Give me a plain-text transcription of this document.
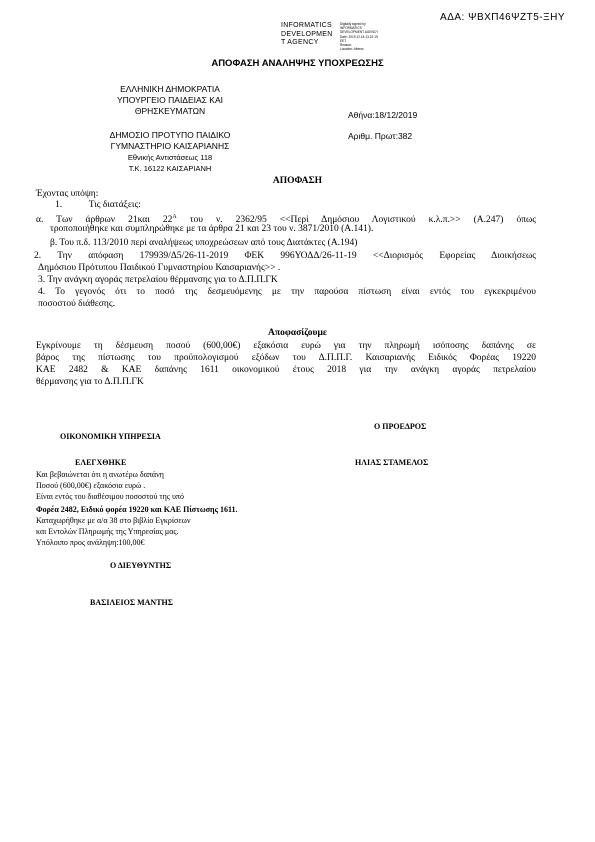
ΑΔΑ: ΨΒΧΠ46ΨΖΤ5-ΞΗΥ
INFORMATICS
DEVELOPMEN
T AGENCY
Digitally signed by
INFORMATICS DEVELOPMENT AGENCY
Date: 2019.12.18 13:22:19
EET
Reason:
Location: Athens
ΑΠΟΦΑΣΗ ΑΝΑΛΗΨΗΣ ΥΠΟΧΡΕΩΣΗΣ
ΕΛΛΗΝΙΚΗ ΔΗΜΟΚΡΑΤΙΑ
ΥΠΟΥΡΓΕΙΟ ΠΑΙΔΕΙΑΣ ΚΑΙ
ΘΡΗΣΚΕΥΜΑΤΩΝ	Αθήνα:18/12/2019
ΔΗΜΟΣΙΟ ΠΡΟΤΥΠΟ ΠΑΙΔΙΚΟ
ΓΥΜΝΑΣΤΗΡΙΟ ΚΑΙΣΑΡΙΑΝΗΣ
Εθνικής Αντιστάσεως 118
Τ.Κ. 16122 ΚΑΙΣΑΡΙΑΝΗ
Αριθμ. Πρωτ:382
ΑΠΟΦΑΣΗ
Έχοντας υπόψη:
1.	Τις διατάξεις:
α. Των άρθρων 21και $22^A$ του ν. 2362/95 <<Περί Δημόσιου Λογιστικού κ.λ.π.>> (Α.247) όπως
τροποποιήθηκε και συμπληρώθηκε με τα άρθρα 21 και 23 του ν. 3871/2010 (Α.141).
β. Του π.δ. 113/2010 περί αναλήψεως υποχρεώσεων από τους Διατάκτες (Α.194)
2. Την απόφαση 179939/Δ5/26-11-2019 ΦΕΚ 996ΥΟΔΔ/26-11-19 <<Διορισμός Εφορείας Διοικήσεως
Δημόσιου Πρότυπου Παιδικού Γυμναστηρίου Καισαριανής>> .
3. Την ανάγκη αγοράς πετρελαίου θέρμανσης για το Δ.Π.Π.ΓΚ
4. Το γεγονός ότι το ποσό της δεσμευόμενης με την παρούσα πίστωση είναι εντός του εγκεκριμένου
ποσοστού διάθεσης.
Αποφασίζουμε
Εγκρίνουμε τη δέσμευση ποσού (600,00€) εξακόσια ευρώ για την πληρωμή ισόποσης δαπάνης σε
βάρος της πίστωσης του προϋπολογισμού εξόδων του Δ.Π.Π.Γ. Καισαριανής Ειδικός Φορέας 19220
ΚΑΕ 2482 & ΚΑΕ δαπάνης 1611 οικονομικού έτους 2018 για την ανάγκη αγοράς πετρελαίου
θέρμανσης για το Δ.Π.Π.ΓΚ
Ο ΠΡΟΕΔΡΟΣ
ΟΙΚΟΝΟΜΙΚΗ ΥΠΗΡΕΣΙΑ
ΗΛΙΑΣ ΣΤΑΜΕΛΟΣ
ΕΛΕΓΧΘΗΚΕ
Και βεβαιώνεται ότι η ανωτέρω δαπάνη
Ποσού (600,00€) εξακόσια ευρώ .
Είναι εντός του διαθέσιμου ποσοστού της υπό
Φορέα 2482, Ειδικό φορέα 19220 και ΚΑΕ Πίστωσης 1611.
Καταχωρήθηκε με α/α 38 στο βιβλίο Εγκρίσεων
και Εντολών Πληρωμής της Υπηρεσίας μας.
Υπόλοιπο προς ανάληψη:100,00€
Ο ΔΙΕΥΘΥΝΤΗΣ
ΒΑΣΙΛΕΙΟΣ ΜΑΝΤΗΣ
